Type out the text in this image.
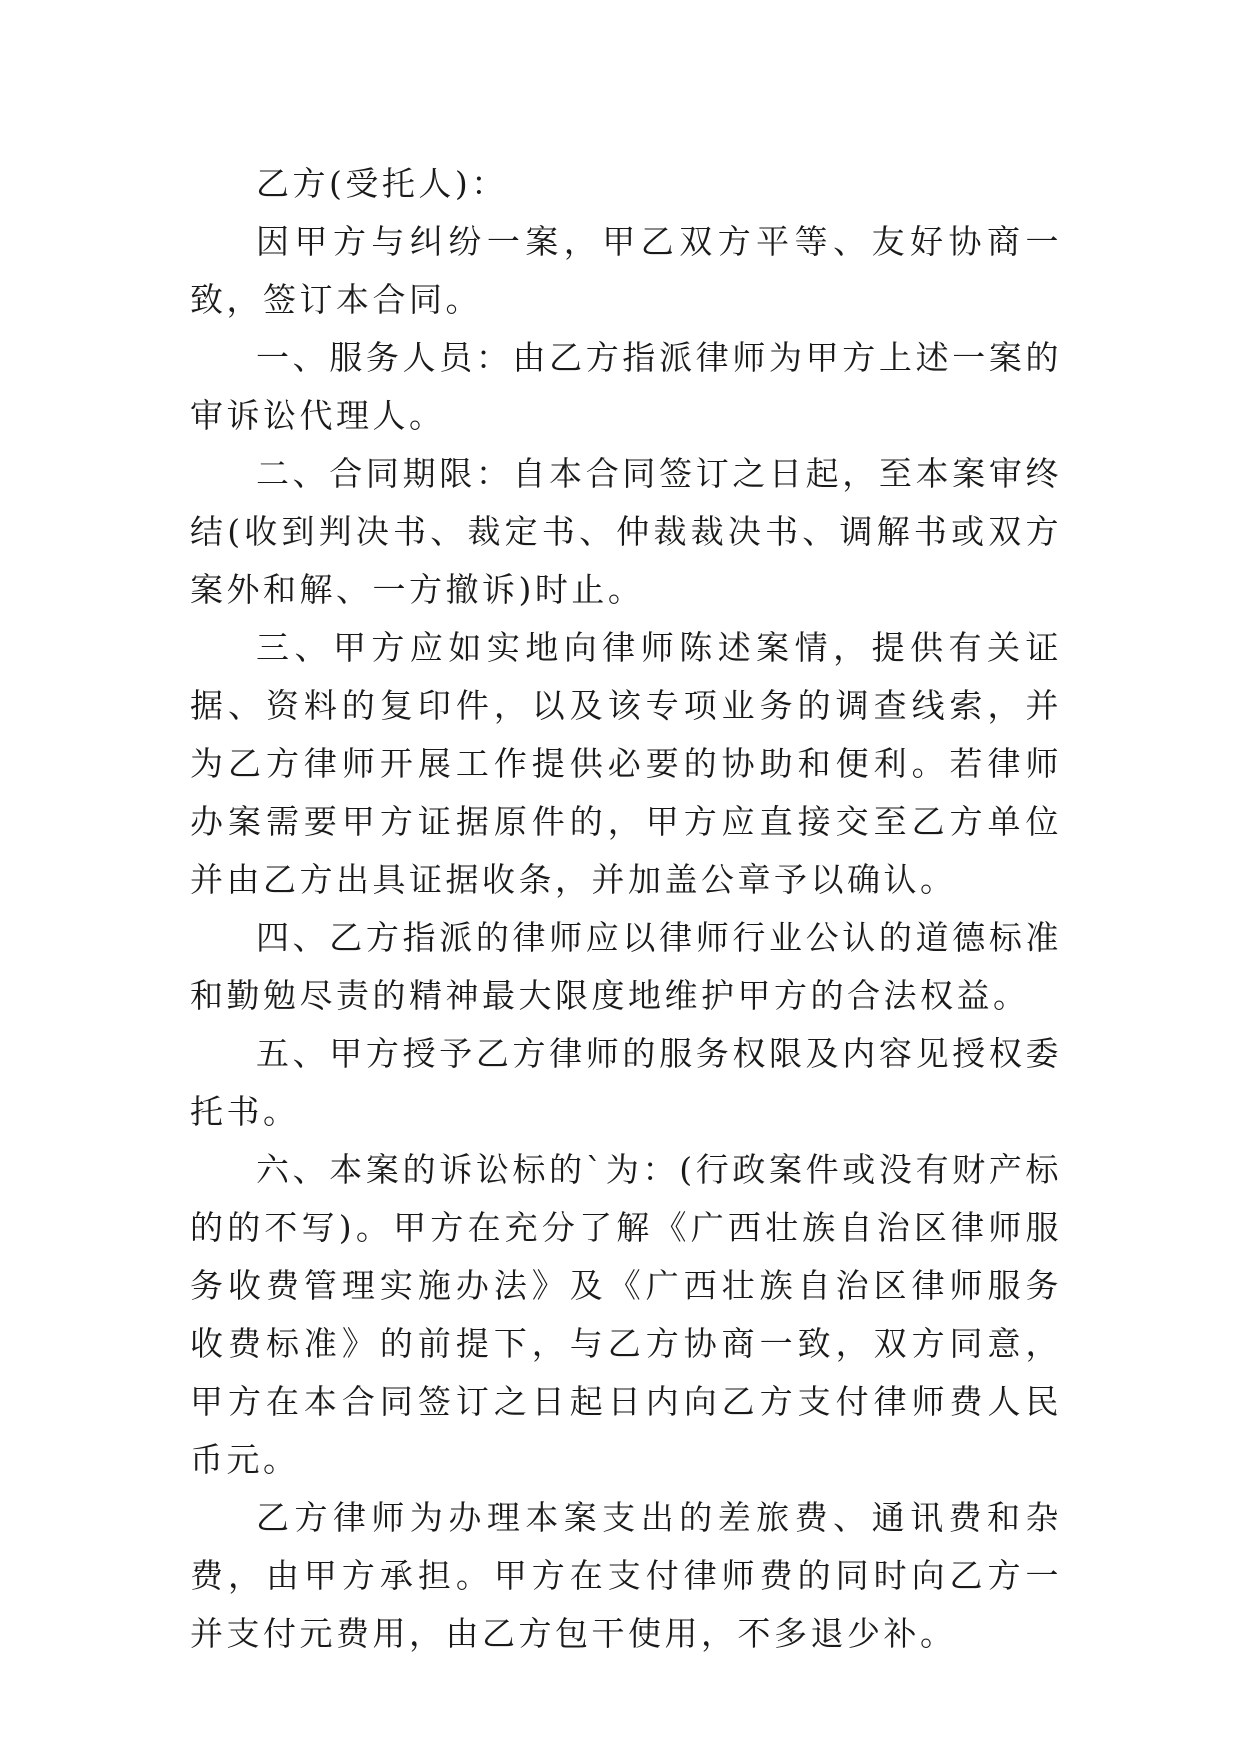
乙方(受托人)：

因甲方与纠纷一案，甲乙双方平等、友好协商一致，签订本合同。

一、服务人员：由乙方指派律师为甲方上述一案的审诉讼代理人。

二、合同期限：自本合同签订之日起，至本案审终结(收到判决书、裁定书、仲裁裁决书、调解书或双方案外和解、一方撤诉)时止。

三、甲方应如实地向律师陈述案情，提供有关证据、资料的复印件，以及该专项业务的调查线索，并为乙方律师开展工作提供必要的协助和便利。若律师办案需要甲方证据原件的，甲方应直接交至乙方单位并由乙方出具证据收条，并加盖公章予以确认。

四、乙方指派的律师应以律师行业公认的道德标准和勤勉尽责的精神最大限度地维护甲方的合法权益。

五、甲方授予乙方律师的服务权限及内容见授权委托书。

六、本案的诉讼标的`为：(行政案件或没有财产标的的不写)。甲方在充分了解《广西壮族自治区律师服务收费管理实施办法》及《广西壮族自治区律师服务收费标准》的前提下，与乙方协商一致，双方同意，甲方在本合同签订之日起日内向乙方支付律师费人民币元。

乙方律师为办理本案支出的差旅费、通讯费和杂费，由甲方承担。甲方在支付律师费的同时向乙方一并支付元费用，由乙方包干使用，不多退少补。
